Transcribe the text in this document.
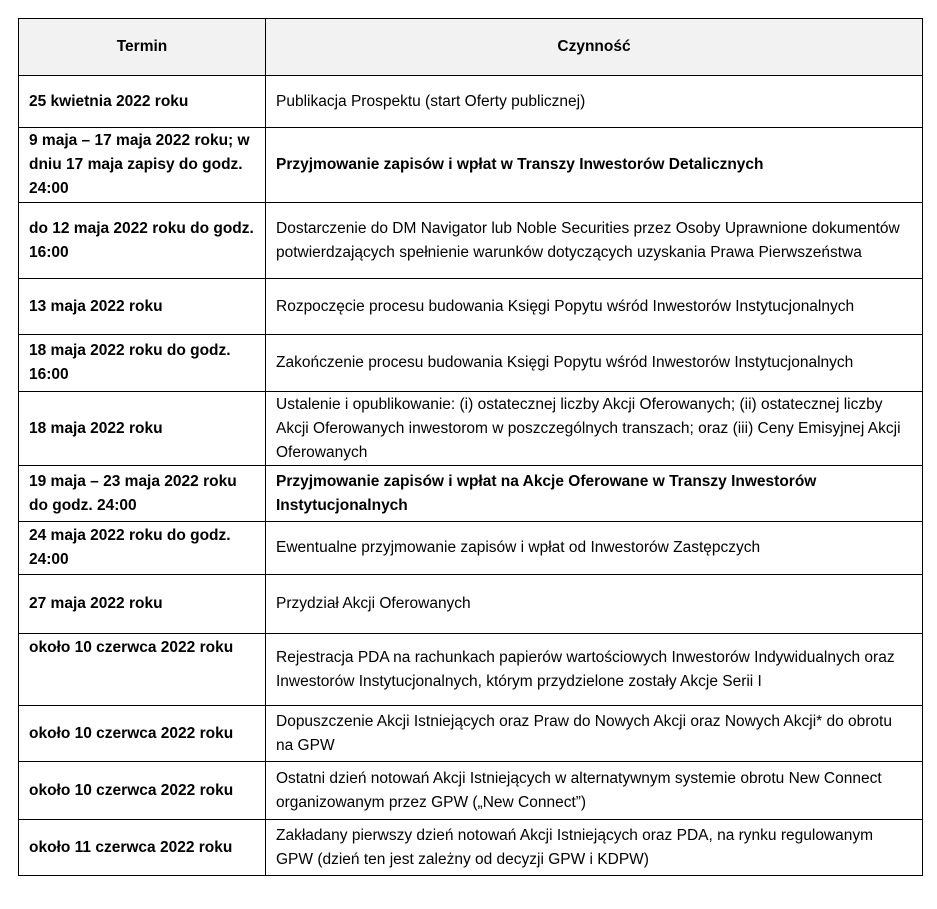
Termin	Czynność
25 kwietnia 2022 roku	Publikacja Prospektu (start Oferty publicznej)
9 maja – 17 maja 2022 roku; w dniu 17 maja zapisy do godz. 24:00	Przyjmowanie zapisów i wpłat w Transzy Inwestorów Detalicznych
do 12 maja 2022 roku do godz. 16:00	Dostarczenie do DM Navigator lub Noble Securities przez Osoby Uprawnione dokumentów potwierdzających spełnienie warunków dotyczących uzyskania Prawa Pierwszeństwa
13 maja 2022 roku	Rozpoczęcie procesu budowania Księgi Popytu wśród Inwestorów Instytucjonalnych
18 maja 2022 roku do godz. 16:00	Zakończenie procesu budowania Księgi Popytu wśród Inwestorów Instytucjonalnych
18 maja 2022 roku	Ustalenie i opublikowanie: (i) ostatecznej liczby Akcji Oferowanych; (ii) ostatecznej liczby Akcji Oferowanych inwestorom w poszczególnych transzach; oraz (iii) Ceny Emisyjnej Akcji Oferowanych
19 maja – 23 maja 2022 roku do godz. 24:00	Przyjmowanie zapisów i wpłat na Akcje Oferowane w Transzy Inwestorów Instytucjonalnych
24 maja 2022 roku do godz. 24:00	Ewentualne przyjmowanie zapisów i wpłat od Inwestorów Zastępczych
27 maja 2022 roku	Przydział Akcji Oferowanych
około 10 czerwca 2022 roku	Rejestracja PDA na rachunkach papierów wartościowych Inwestorów Indywidualnych oraz Inwestorów Instytucjonalnych, którym przydzielone zostały Akcje Serii I
około 10 czerwca 2022 roku	Dopuszczenie Akcji Istniejących oraz Praw do Nowych Akcji oraz Nowych Akcji* do obrotu na GPW
około 10 czerwca 2022 roku	Ostatni dzień notowań Akcji Istniejących w alternatywnym systemie obrotu New Connect organizowanym przez GPW („New Connect”)
około 11 czerwca 2022 roku	Zakładany pierwszy dzień notowań Akcji Istniejących oraz PDA, na rynku regulowanym GPW (dzień ten jest zależny od decyzji GPW i KDPW)
